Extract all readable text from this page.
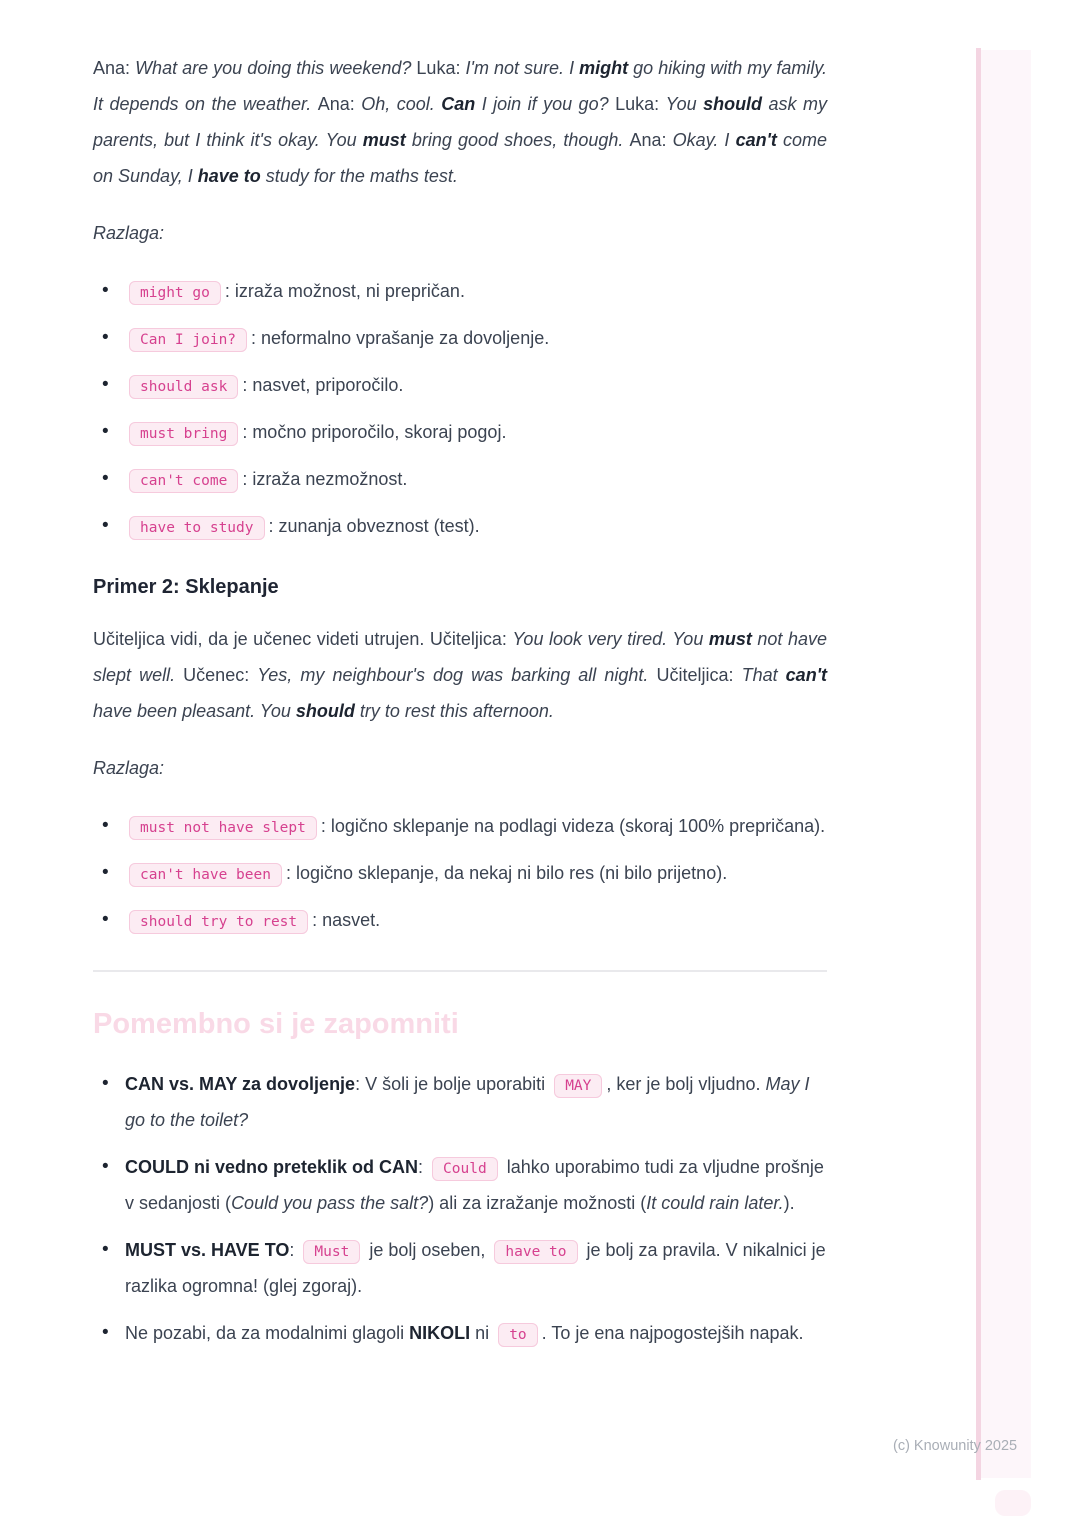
Ana: What are you doing this weekend? Luka: I'm not sure. I might go hiking with my family. It depends on the weather. Ana: Oh, cool. Can I join if you go? Luka: You should ask my parents, but I think it's okay. You must bring good shoes, though. Ana: Okay. I can't come on Sunday, I have to study for the maths test.

Razlaga:

• might go : izraža možnost, ni prepričan.
• Can I join? : neformalno vprašanje za dovoljenje.
• should ask : nasvet, priporočilo.
• must bring : močno priporočilo, skoraj pogoj.
• can't come : izraža nezmožnost.
• have to study : zunanja obveznost (test).
Primer 2: Sklepanje

Učiteljica vidi, da je učenec videti utrujen. Učiteljica: You look very tired. You must not have slept well. Učenec: Yes, my neighbour's dog was barking all night. Učiteljica: That can't have been pleasant. You should try to rest this afternoon.

Razlaga:

• must not have slept : logično sklepanje na podlagi videza (skoraj 100% prepričana).
• can't have been : logično sklepanje, da nekaj ni bilo res (ni bilo prijetno).
• should try to rest : nasvet.
Pomembno si je zapomniti
• CAN vs. MAY za dovoljenje: V šoli je bolje uporabiti MAY , ker je bolj vljudno. May I go to the toilet?
• COULD ni vedno preteklik od CAN: Could lahko uporabimo tudi za vljudne prošnje v sedanjosti (Could you pass the salt?) ali za izražanje možnosti (It could rain later.).
• MUST vs. HAVE TO: Must je bolj oseben, have to je bolj za pravila. V nikalnici je razlika ogromna! (glej zgoraj).
• Ne pozabi, da za modalnimi glagoli NIKOLI ni to . To je ena najpogostejših napak.
(c) Knowunity 2025
